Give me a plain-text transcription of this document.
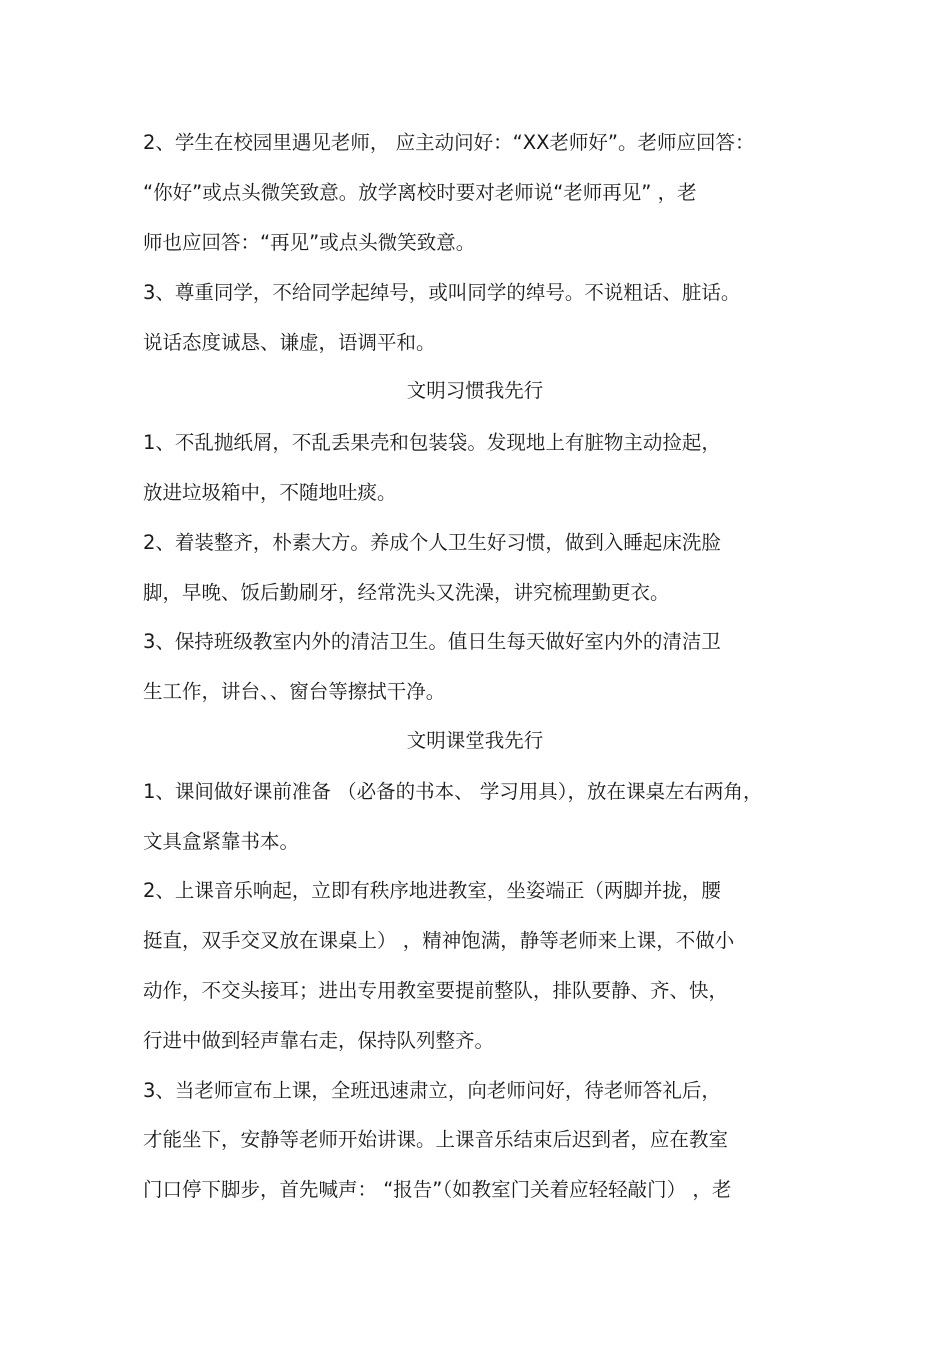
2、学生在校园里遇见老师， 应主动问好：“XX老师好”。老师应回答：
“你好”或点头微笑致意。放学离校时要对老师说“老师再见” ，老
师也应回答：“再见”或点头微笑致意。
3、尊重同学，不给同学起绰号，或叫同学的绰号。不说粗话、脏话。
说话态度诚恳、谦虚，语调平和。
文明习惯我先行
1、不乱抛纸屑，不乱丢果壳和包装袋。发现地上有脏物主动捡起，
放进垃圾箱中，不随地吐痰。
2、着装整齐，朴素大方。养成个人卫生好习惯，做到入睡起床洗脸
脚，早晚、饭后勤刷牙，经常洗头又洗澡，讲究梳理勤更衣。
3、保持班级教室内外的清洁卫生。值日生每天做好室内外的清洁卫
生工作，讲台、、窗台等擦拭干净。
文明课堂我先行
1、课间做好课前准备 （必备的书本、 学习用具），放在课桌左右两角，
文具盒紧靠书本。
2、上课音乐响起，立即有秩序地进教室，坐姿端正（两脚并拢，腰
挺直，双手交叉放在课桌上） ，精神饱满，静等老师来上课，不做小
动作，不交头接耳；进出专用教室要提前整队，排队要静、齐、快，
行进中做到轻声靠右走，保持队列整齐。
3、当老师宣布上课，全班迅速肃立，向老师问好，待老师答礼后，
才能坐下，安静等老师开始讲课。上课音乐结束后迟到者，应在教室
门口停下脚步，首先喊声： “报告”（如教室门关着应轻轻敲门） ，老
